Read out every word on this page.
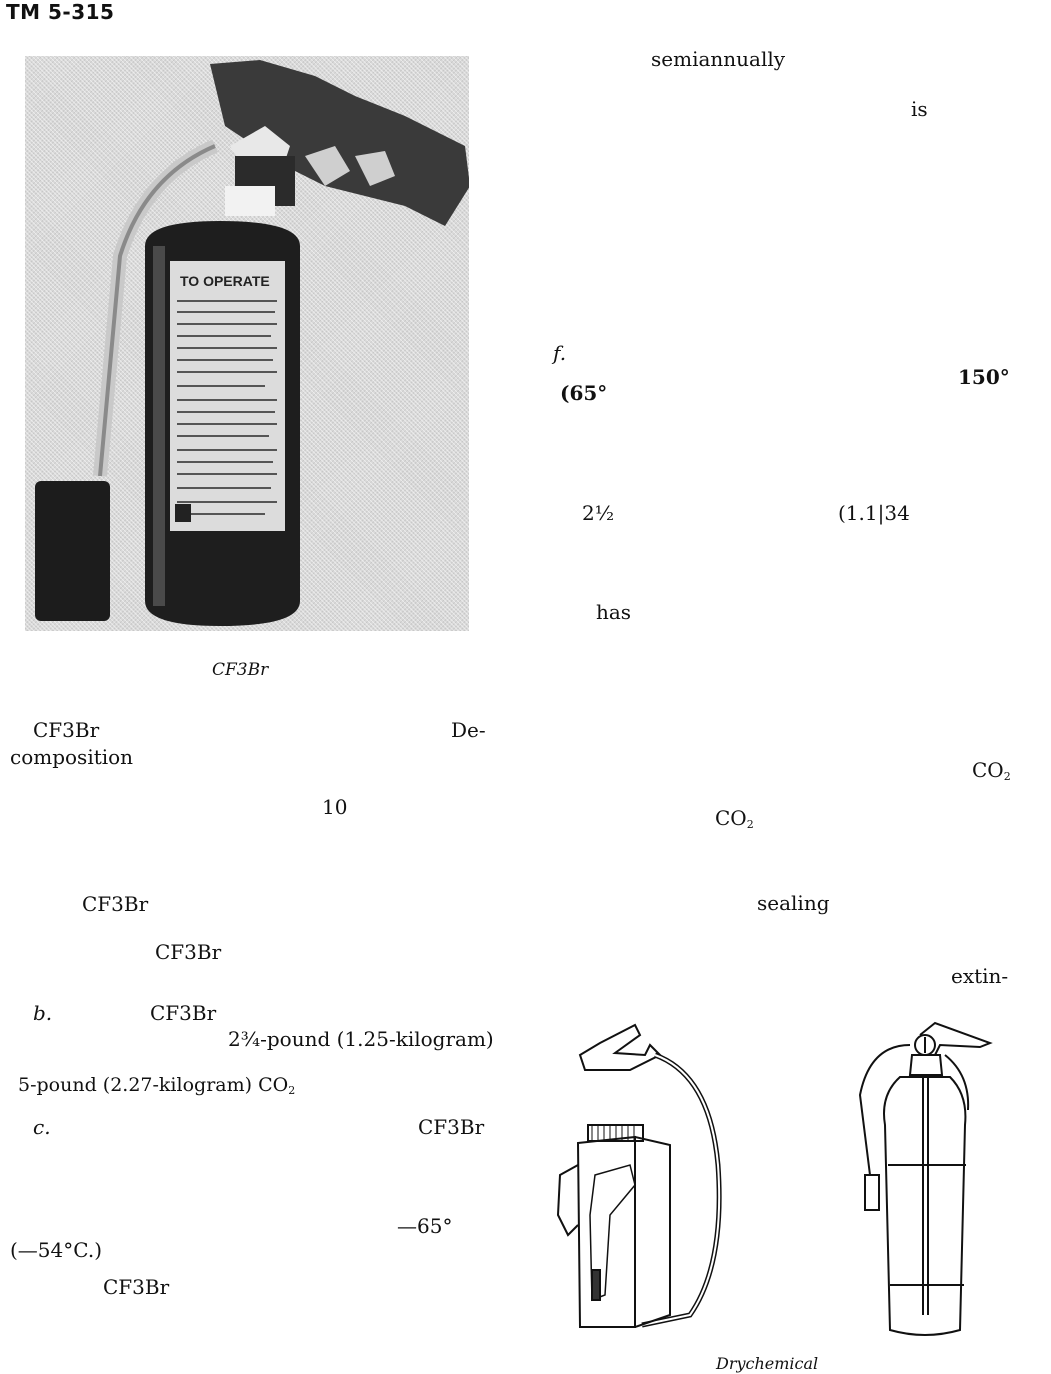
TM 5-315
TO OPERATE
CF3Br
CF3Br	De-
composition
10
CF3Br
CF3Br
b.	CF3Br
2¾-pound (1.25-kilogram)
5-pound (2.27-kilogram) $CO_2$
c.	CF3Br
—65°
(—54°C.)
CF3Br
semiannually
is
f.
150°
(65°
2½	(1.1|34
has
$CO_2$
$CO_2$
sealing
extin-
Drychemical
